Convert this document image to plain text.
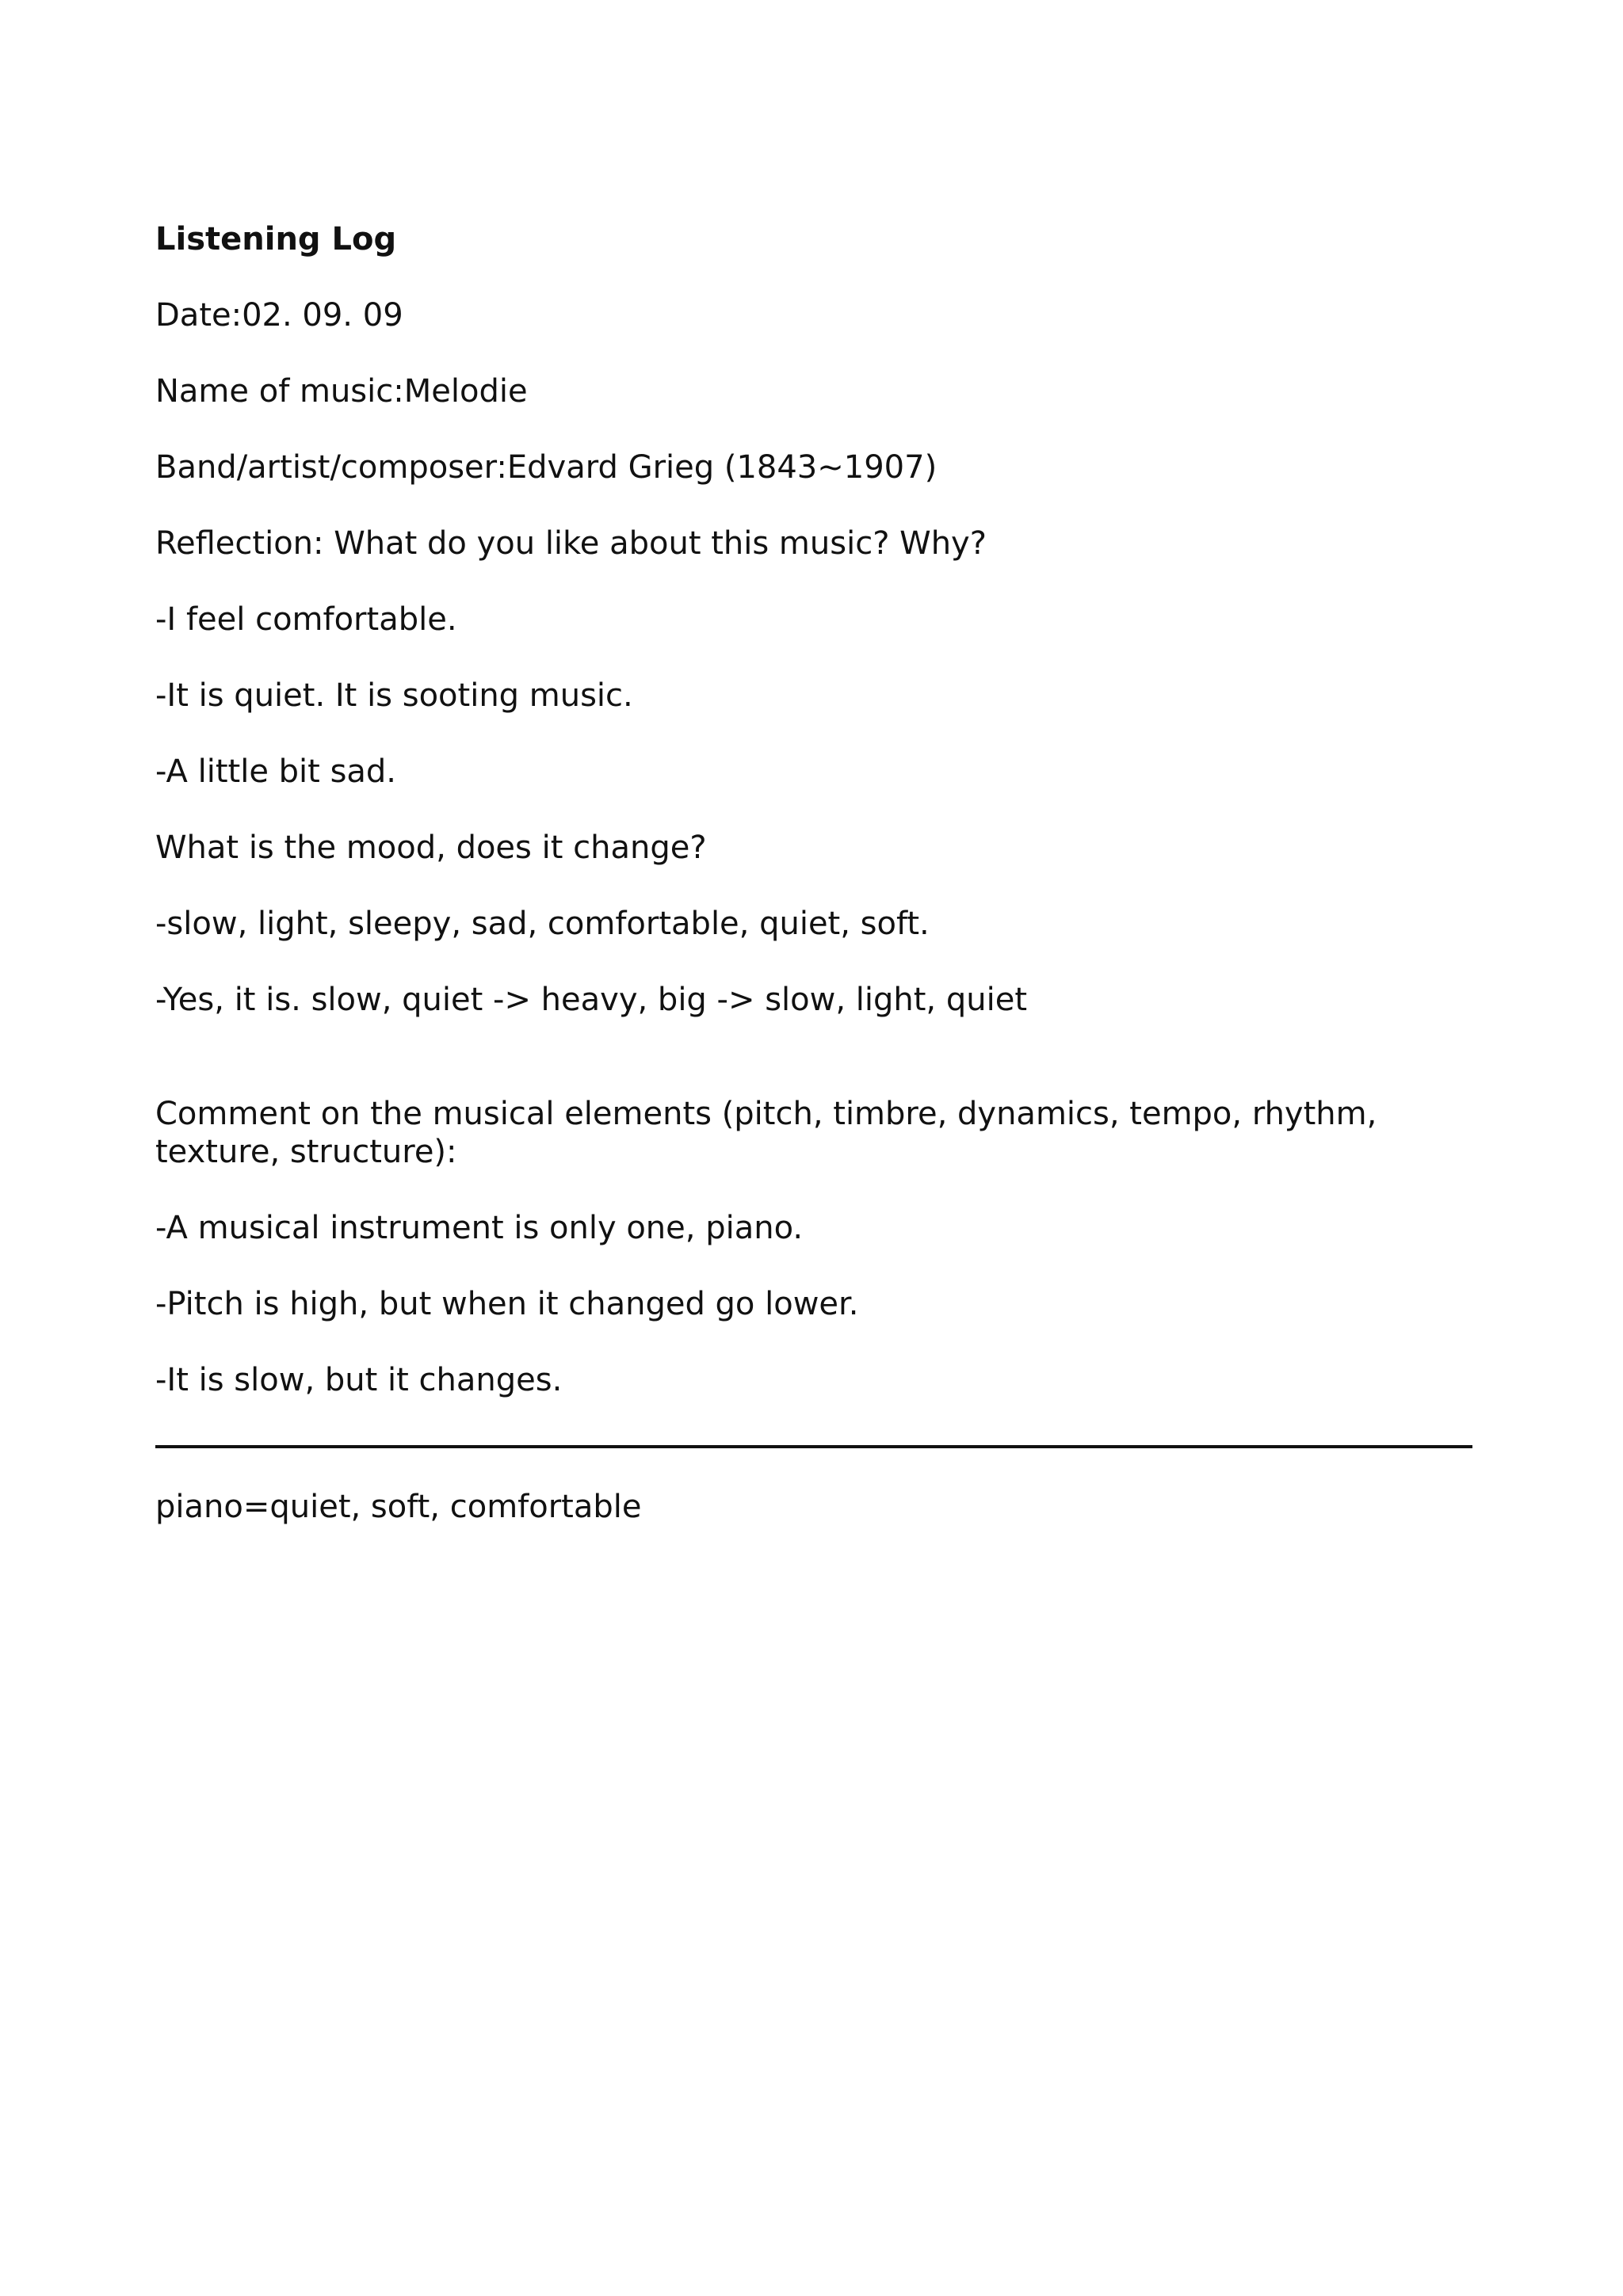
Listening Log
Date:02. 09. 09
Name of music:Melodie
Band/artist/composer:Edvard Grieg (1843~1907)
Reflection: What do you like about this music? Why?
-I feel comfortable.
-It is quiet. It is sooting music.
-A little bit sad.
What is the mood, does it change?
-slow, light, sleepy, sad, comfortable, quiet, soft.
-Yes, it is. slow, quiet -> heavy, big -> slow, light, quiet
Comment on the musical elements (pitch, timbre, dynamics, tempo, rhythm, texture, structure):
-A musical instrument is only one, piano.
-Pitch is high, but when it changed go lower.
-It is slow, but it changes.
piano=quiet, soft, comfortable
